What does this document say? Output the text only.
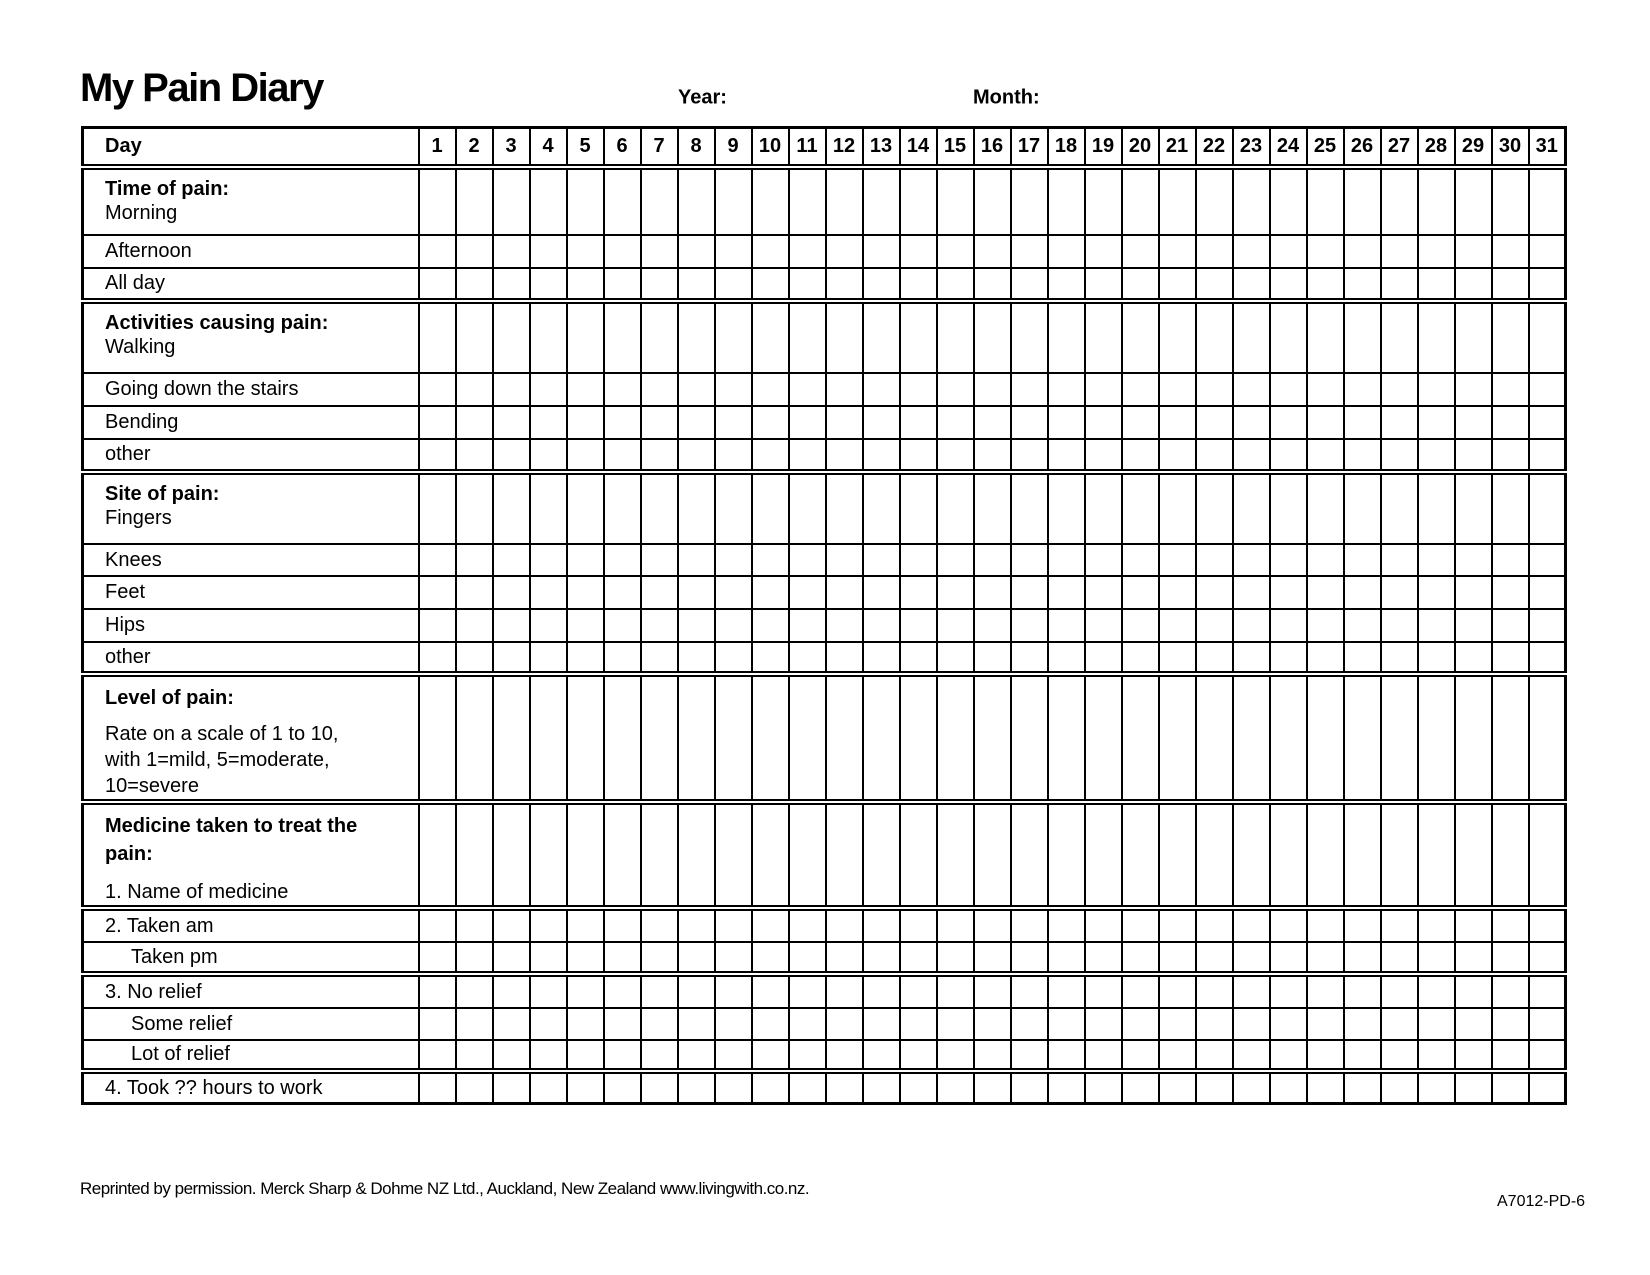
My Pain Diary	Year:	Month:
Day	1	2	3	4	5	6	7	8	9	10	11	12	13	14	15	16	17	18	19	20	21	22	23	24	25	26	27	28	29	30	31

Time of pain:
Morning																															

Afternoon																															

All day																															

Activities causing pain:
Walking																															

Going down the stairs																															

Bending																															

other																															

Site of pain:
Fingers																															

Knees																															

Feet																															

Hips																															

other																															

Level of pain:
Rate on a scale of 1 to 10,
with 1=mild, 5=moderate,
10=severe																															

Medicine taken to treat the
pain:
1. Name of medicine																															

2. Taken am																															

Taken pm																															

3. No relief																															

Some relief																															

Lot of relief																															

4. Took ?? hours to work																															

Reprinted by permission. Merck Sharp & Dohme NZ Ltd., Auckland, New Zealand www.livingwith.co.nz.
A7012-PD-6
